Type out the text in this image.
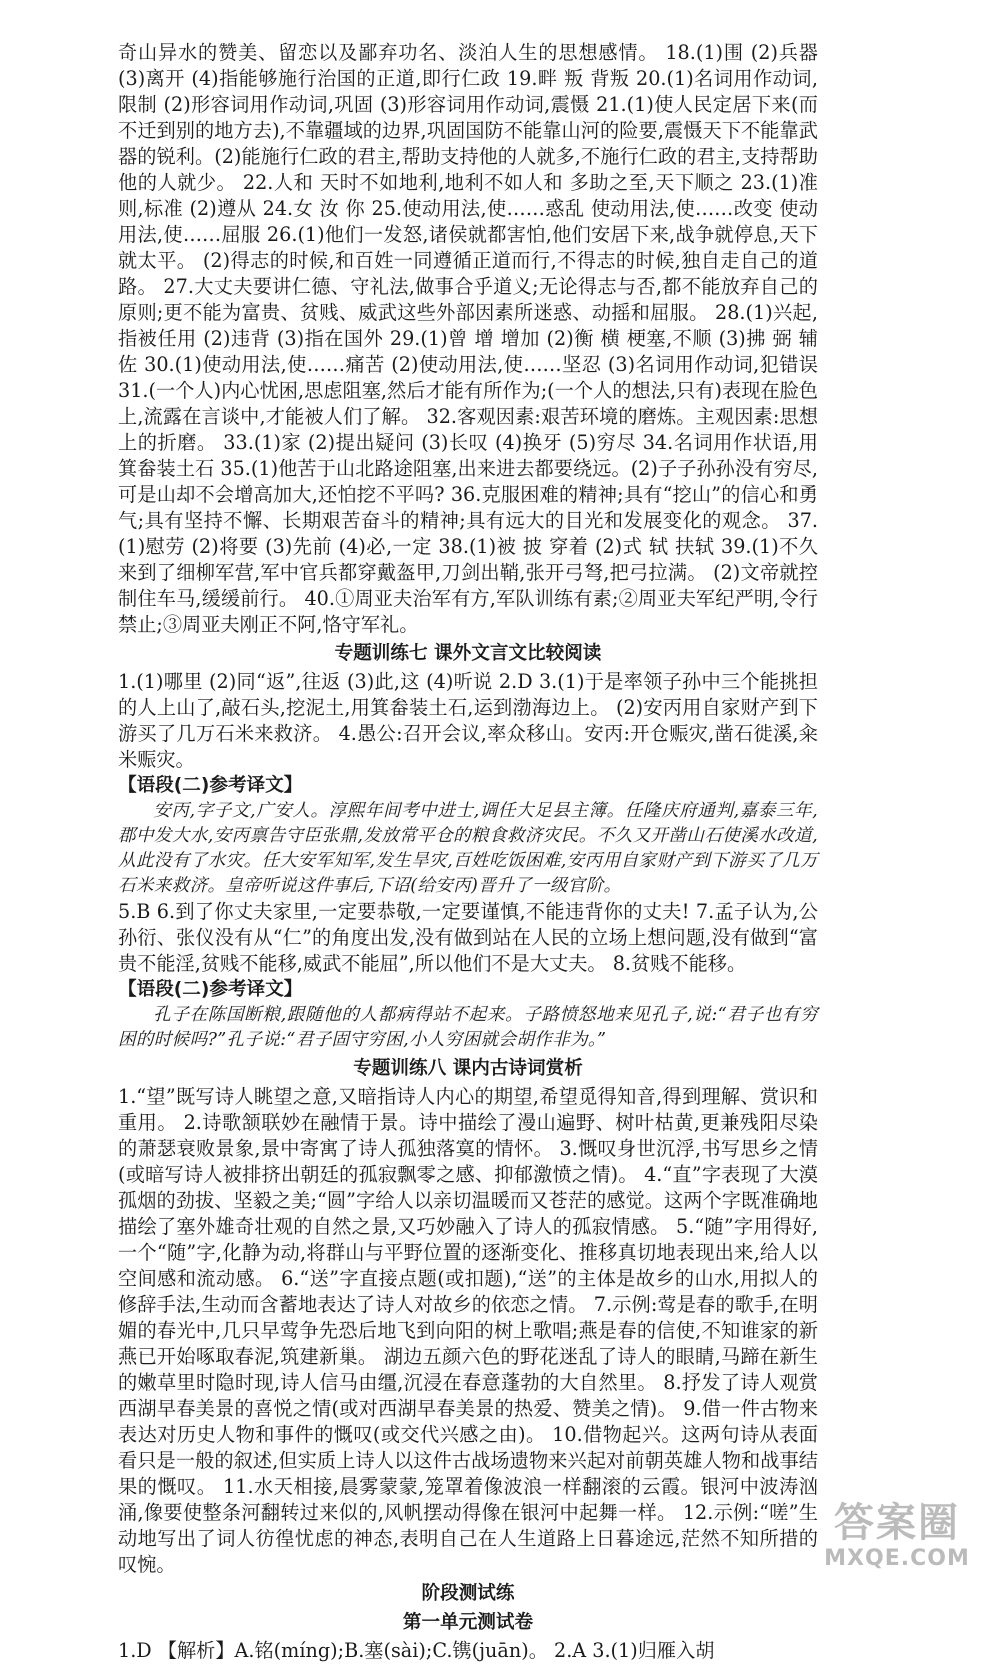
奇山异水的赞美、留恋以及鄙弃功名、淡泊人生的思想感情。 18.(1)围 (2)兵器 (3)离开 (4)指能够施行治国的正道,即行仁政 19.畔 叛 背叛 20.(1)名词用作动词,限制 (2)形容词用作动词,巩固 (3)形容词用作动词,震慑 21.(1)使人民定居下来(而不迁到别的地方去),不靠疆域的边界,巩固国防不能靠山河的险要,震慑天下不能靠武器的锐利。(2)能施行仁政的君主,帮助支持他的人就多,不施行仁政的君主,支持帮助他的人就少。 22.人和 天时不如地利,地利不如人和 多助之至,天下顺之 23.(1)准则,标准 (2)遵从 24.女 汝 你 25.使动用法,使……惑乱 使动用法,使……改变 使动用法,使……屈服 26.(1)他们一发怒,诸侯就都害怕,他们安居下来,战争就停息,天下就太平。 (2)得志的时候,和百姓一同遵循正道而行,不得志的时候,独自走自己的道路。 27.大丈夫要讲仁德、守礼法,做事合乎道义;无论得志与否,都不能放弃自己的原则;更不能为富贵、贫贱、威武这些外部因素所迷惑、动摇和屈服。 28.(1)兴起,指被任用 (2)违背 (3)指在国外 29.(1)曾 增 增加 (2)衡 横 梗塞,不顺 (3)拂 弼 辅佐 30.(1)使动用法,使……痛苦 (2)使动用法,使……坚忍 (3)名词用作动词,犯错误 31.(一个人)内心忧困,思虑阻塞,然后才能有所作为;(一个人的想法,只有)表现在脸色上,流露在言谈中,才能被人们了解。 32.客观因素:艰苦环境的磨炼。主观因素:思想上的折磨。 33.(1)家 (2)提出疑问 (3)长叹 (4)换牙 (5)穷尽 34.名词用作状语,用箕畚装土石 35.(1)他苦于山北路途阻塞,出来进去都要绕远。(2)子子孙孙没有穷尽,可是山却不会增高加大,还怕挖不平吗? 36.克服困难的精神;具有“挖山”的信心和勇气;具有坚持不懈、长期艰苦奋斗的精神;具有远大的目光和发展变化的观念。 37.(1)慰劳 (2)将要 (3)先前 (4)必,一定 38.(1)被 披 穿着 (2)式 轼 扶轼 39.(1)不久来到了细柳军营,军中官兵都穿戴盔甲,刀剑出鞘,张开弓弩,把弓拉满。 (2)文帝就控制住车马,缓缓前行。 40.①周亚夫治军有方,军队训练有素;②周亚夫军纪严明,令行禁止;③周亚夫刚正不阿,恪守军礼。

专题训练七 课外文言文比较阅读

1.(1)哪里 (2)同“返”,往返 (3)此,这 (4)听说 2.D 3.(1)于是率领子孙中三个能挑担的人上山了,敲石头,挖泥土,用箕畚装土石,运到渤海边上。 (2)安丙用自家财产到下游买了几万石米来救济。 4.愚公:召开会议,率众移山。安丙:开仓赈灾,凿石徙溪,籴米赈灾。

【语段(二)参考译文】

安丙,字子文,广安人。淳熙年间考中进士,调任大足县主簿。任隆庆府通判,嘉泰三年,郡中发大水,安丙禀告守臣张鼎,发放常平仓的粮食救济灾民。不久又开凿山石使溪水改道,从此没有了水灾。任大安军知军,发生旱灾,百姓吃饭困难,安丙用自家财产到下游买了几万石米来救济。皇帝听说这件事后,下诏(给安丙)晋升了一级官阶。

5.B 6.到了你丈夫家里,一定要恭敬,一定要谨慎,不能违背你的丈夫! 7.孟子认为,公孙衍、张仪没有从“仁”的角度出发,没有做到站在人民的立场上想问题,没有做到“富贵不能淫,贫贱不能移,威武不能屈”,所以他们不是大丈夫。 8.贫贱不能移。

【语段(二)参考译文】

孔子在陈国断粮,跟随他的人都病得站不起来。子路愤怒地来见孔子,说:“君子也有穷困的时候吗?”孔子说:“君子固守穷困,小人穷困就会胡作非为。”

专题训练八 课内古诗词赏析

1.“望”既写诗人眺望之意,又暗指诗人内心的期望,希望觅得知音,得到理解、赏识和重用。 2.诗歌颔联妙在融情于景。诗中描绘了漫山遍野、树叶枯黄,更兼残阳尽染的萧瑟衰败景象,景中寄寓了诗人孤独落寞的情怀。 3.慨叹身世沉浮,书写思乡之情(或暗写诗人被排挤出朝廷的孤寂飘零之感、抑郁激愤之情)。 4.“直”字表现了大漠孤烟的劲拔、坚毅之美;“圆”字给人以亲切温暖而又苍茫的感觉。这两个字既准确地描绘了塞外雄奇壮观的自然之景,又巧妙融入了诗人的孤寂情感。 5.“随”字用得好,一个“随”字,化静为动,将群山与平野位置的逐渐变化、推移真切地表现出来,给人以空间感和流动感。 6.“送”字直接点题(或扣题),“送”的主体是故乡的山水,用拟人的修辞手法,生动而含蓄地表达了诗人对故乡的依恋之情。 7.示例:莺是春的歌手,在明媚的春光中,几只早莺争先恐后地飞到向阳的树上歌唱;燕是春的信使,不知谁家的新燕已开始啄取春泥,筑建新巢。 湖边五颜六色的野花迷乱了诗人的眼睛,马蹄在新生的嫩草里时隐时现,诗人信马由缰,沉浸在春意蓬勃的大自然里。 8.抒发了诗人观赏西湖早春美景的喜悦之情(或对西湖早春美景的热爱、赞美之情)。 9.借一件古物来表达对历史人物和事件的慨叹(或交代兴感之由)。 10.借物起兴。这两句诗从表面看只是一般的叙述,但实质上诗人以这件古战场遗物来兴起对前朝英雄人物和战事结果的慨叹。 11.水天相接,晨雾蒙蒙,笼罩着像波浪一样翻滚的云霞。银河中波涛汹涌,像要使整条河翻转过来似的,风帆摆动得像在银河中起舞一样。 12.示例:“嗟”生动地写出了词人彷徨忧虑的神态,表明自己在人生道路上日暮途远,茫然不知所措的叹惋。

阶段测试练

第一单元测试卷

1.D 【解析】A.铭(míng);B.塞(sài);C.镌(juān)。 2.A 3.(1)归雁入胡

答案圈
MXQE.COM
